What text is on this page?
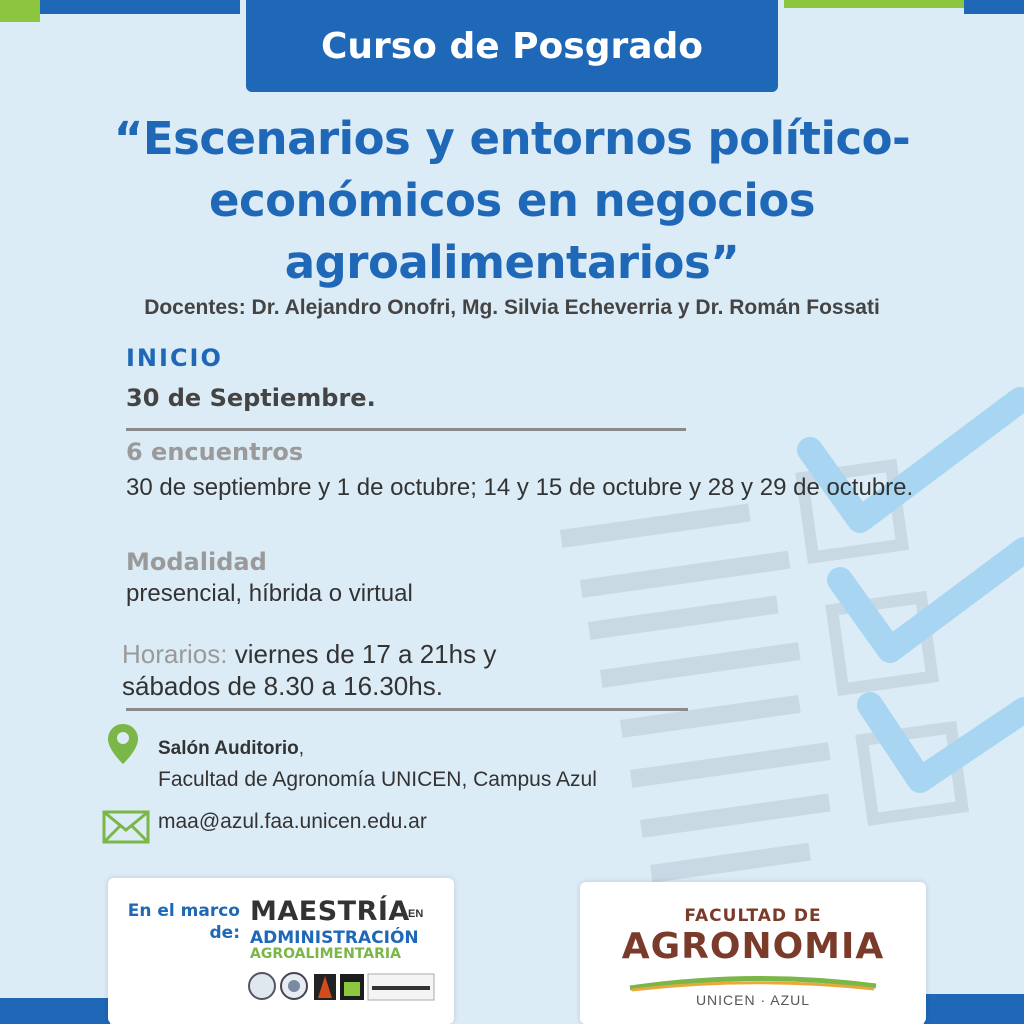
Curso de Posgrado
“Escenarios y entornos político-
económicos en negocios
agroalimentarios”
Docentes: Dr. Alejandro Onofri, Mg. Silvia Echeverria y Dr. Román Fossati
INICIO
30 de Septiembre.
6 encuentros
30 de septiembre y 1 de octubre; 14 y 15 de octubre y 28 y 29 de octubre.
Modalidad
presencial, híbrida o virtual
Horarios: viernes de 17 a 21hs y
sábados de 8.30 a 16.30hs.
Salón Auditorio,
Facultad de Agronomía UNICEN, Campus Azul
maa@azul.faa.unicen.edu.ar
En el marco
de:
MAESTRÍA
EN
ADMINISTRACIÓN
AGROALIMENTARIA
FACULTAD DE
AGRONOMIA
UNICEN · AZUL
